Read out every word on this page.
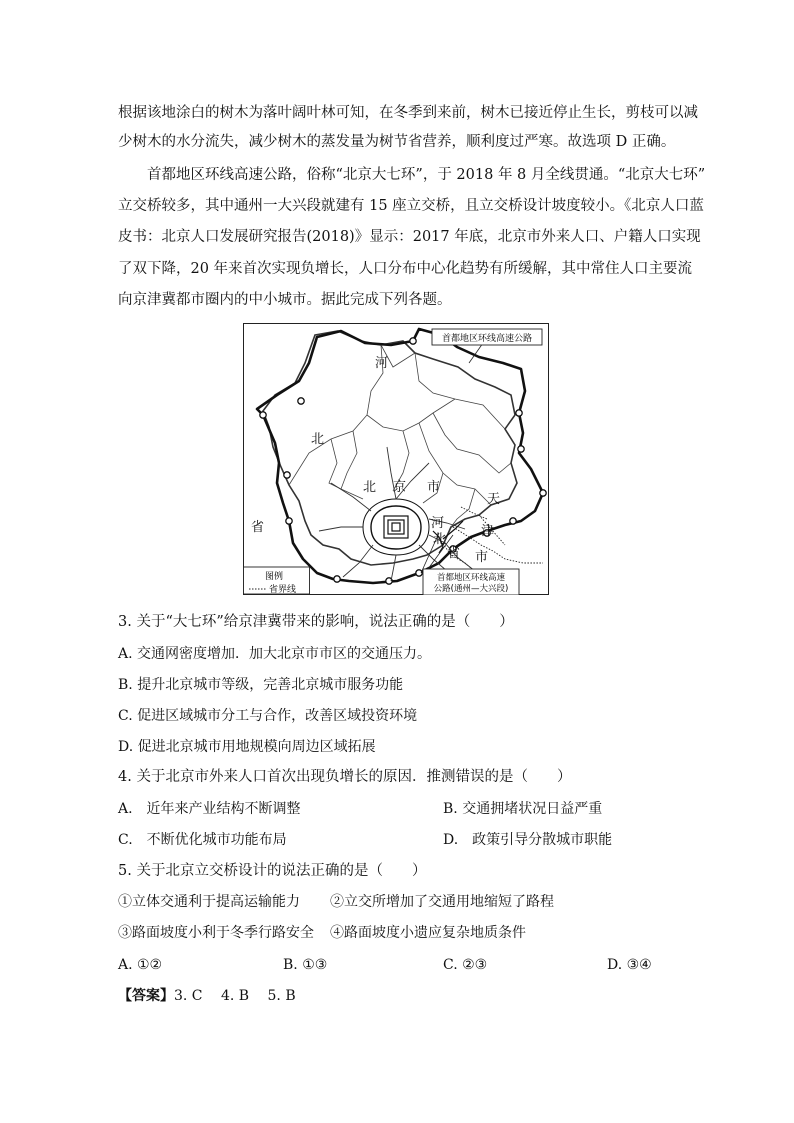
根据该地涂白的树木为落叶阔叶林可知，在冬季到来前，树木已接近停止生长，剪枝可以减
少树木的水分流失，减少树木的蒸发量为树节省营养，顺利度过严寒。故选项 D 正确。
首都地区环线高速公路，俗称“北京大七环”，于 2018 年 8 月全线贯通。“北京大七环”
立交桥较多，其中通州一大兴段就建有 15 座立交桥，且立交桥设计坡度较小。《北京人口蓝
皮书：北京人口发展研究报告(2018)》显示：2017 年底，北京市外来人口、户籍人口实现
了双下降，20 年来首次实现负增长，人口分布中心化趋势有所缓解，其中常住人口主要流
向京津冀都市圈内的中小城市。据此完成下列各题。
首都地区环线高速公路
首都地区环线高速
公路(通州—大兴段)
图例
省界线
河
北
省
北 京 市
天
津
市
河
北
省
3. 关于“大七环”给京津冀带来的影响，说法正确的是（　　）
A. 交通网密度增加．加大北京市市区的交通压力。
B. 提升北京城市等级，完善北京城市服务功能
C. 促进区域城市分工与合作，改善区域投资环境
D. 促进北京城市用地规模向周边区域拓展
4. 关于北京市外来人口首次出现负增长的原因．推测错误的是（　　）
A.　近年来产业结构不断调整	B. 交通拥堵状况日益严重
C.　不断优化城市功能布局	D.　政策引导分散城市职能
5. 关于北京立交桥设计的说法正确的是（　　）
①立体交通利于提高运输能力 ②立交所增加了交通用地缩短了路程
③路面坡度小利于冬季行路安全 ④路面坡度小遗应复杂地质条件
A. ①②	B. ①③	C. ②③	D. ③④
【答案】3. C　 4. B　 5. B
